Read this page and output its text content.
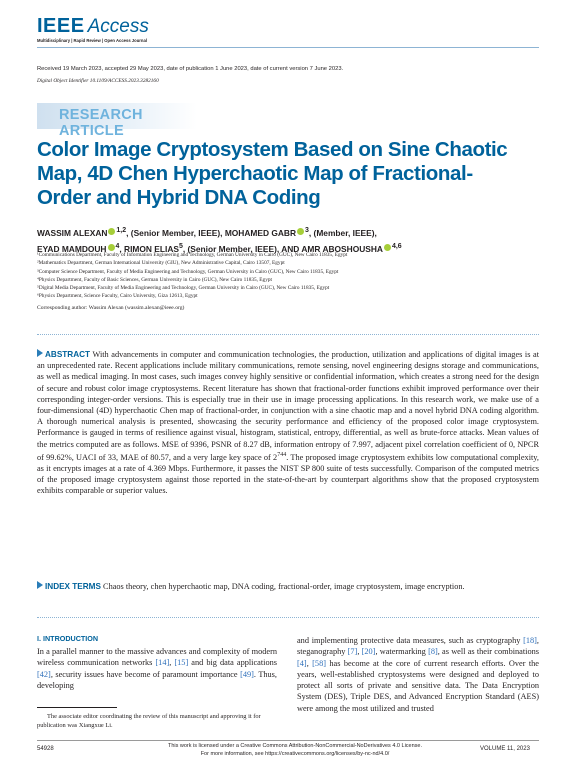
IEEE Access
Multidisciplinary | Rapid Review | Open Access Journal
Received 19 March 2023, accepted 29 May 2023, date of publication 1 June 2023, date of current version 7 June 2023.
Digital Object Identifier 10.1109/ACCESS.2023.3282160
RESEARCH ARTICLE
Color Image Cryptosystem Based on Sine Chaotic Map, 4D Chen Hyperchaotic Map of Fractional-Order and Hybrid DNA Coding
WASSIM ALEXAN $^{1,2}$, (Senior Member, IEEE), MOHAMED GABR $^3$, (Member, IEEE),
EYAD MAMDOUH $^4$, RIMON ELIAS$^5$, (Senior Member, IEEE), AND AMR ABOSHOUSHA $^{4,6}$
¹Communications Department, Faculty of Information Engineering and Technology, German University in Cairo (GUC), New Cairo 11835, Egypt
²Mathematics Department, German International University (GIU), New Administrative Capital, Cairo 13507, Egypt
³Computer Science Department, Faculty of Media Engineering and Technology, German University in Cairo (GUC), New Cairo 11835, Egypt
⁴Physics Department, Faculty of Basic Sciences, German University in Cairo (GUC), New Cairo 11835, Egypt
⁵Digital Media Department, Faculty of Media Engineering and Technology, German University in Cairo (GUC), New Cairo 11835, Egypt
⁶Physics Department, Science Faculty, Cairo University, Giza 12613, Egypt
Corresponding author: Wassim Alexan (wassim.alexan@ieee.org)
ABSTRACT With advancements in computer and communication technologies, the production, utilization and applications of digital images is at an unprecedented rate. Recent applications include military communications, remote sensing, novel engineering designs storage and communications, as well as medical imaging. In most cases, such images convey highly sensitive or confidential information, which creates a strong need for the design of secure and robust color image cryptosystems. Recent literature has shown that fractional-order functions exhibit improved performance over their corresponding integer-order versions. This is especially true in their use in image processing applications. In this research work, we make use of a four-dimensional (4D) hyperchaotic Chen map of fractional-order, in conjunction with a sine chaotic map and a novel hybrid DNA coding algorithm. A thorough numerical analysis is presented, showcasing the security performance and efficiency of the proposed color image cryptosystem. Performance is gauged in terms of resilience against visual, histogram, statistical, entropy, differential, as well as brute-force attacks. Mean values of the metrics computed are as follows. MSE of 9396, PSNR of 8.27 dB, information entropy of 7.997, adjacent pixel correlation coefficient of 0, NPCR of 99.62%, UACI of 33, MAE of 80.57, and a very large key space of $2^{744}$. The proposed image cryptosystem exhibits low computational complexity, as it encrypts images at a rate of 4.369 Mbps. Furthermore, it passes the NIST SP 800 suite of tests successfully. Comparison of the computed metrics of the proposed image cryptosystem against those reported in the state-of-the-art by counterpart algorithms show that the proposed cryptosystem exhibits comparable or superior values.
INDEX TERMS Chaos theory, chen hyperchaotic map, DNA coding, fractional-order, image cryptosystem, image encryption.
I. INTRODUCTION
In a parallel manner to the massive advances and complexity of modern wireless communication networks [14], [15] and big data applications [42], security issues have become of paramount importance [49]. Thus, developing
and implementing protective data measures, such as cryptography [18], steganography [7], [20], watermarking [8], as well as their combinations [4], [58] has become at the core of current research efforts. Over the years, well-established cryptosystems were designed and deployed to protect all sorts of private and sensitive data. The Data Encryption System (DES), Triple DES, and Advanced Encryption Standard (AES) were among the most utilized and trusted
The associate editor coordinating the review of this manuscript and approving it for publication was Xiangxue Li.
54928	This work is licensed under a Creative Commons Attribution-NonCommercial-NoDerivatives 4.0 License.
For more information, see https://creativecommons.org/licenses/by-nc-nd/4.0/
VOLUME 11, 2023
